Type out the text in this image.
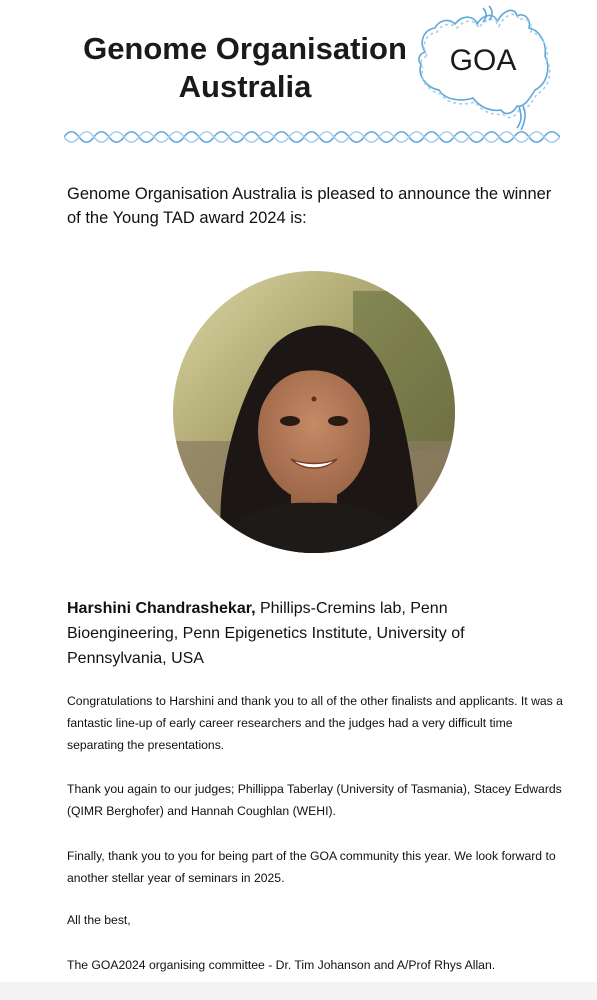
Genome Organisation
Australia
GOA

Genome Organisation Australia is pleased to announce the winner of the Young TAD award 2024 is:

Harshini Chandrashekar, Phillips-Cremins lab, Penn Bioengineering, Penn Epigenetics Institute, University of Pennsylvania, USA

Congratulations to Harshini and thank you to all of the other finalists and applicants. It was a fantastic line-up of early career researchers and the judges had a very difficult time separating the presentations.

Thank you again to our judges; Phillippa Taberlay (University of Tasmania), Stacey Edwards (QIMR Berghofer) and Hannah Coughlan (WEHI).

Finally, thank you to you for being part of the GOA community this year. We look forward to another stellar year of seminars in 2025.

All the best,

The GOA2024 organising committee - Dr. Tim Johanson and A/Prof Rhys Allan.
